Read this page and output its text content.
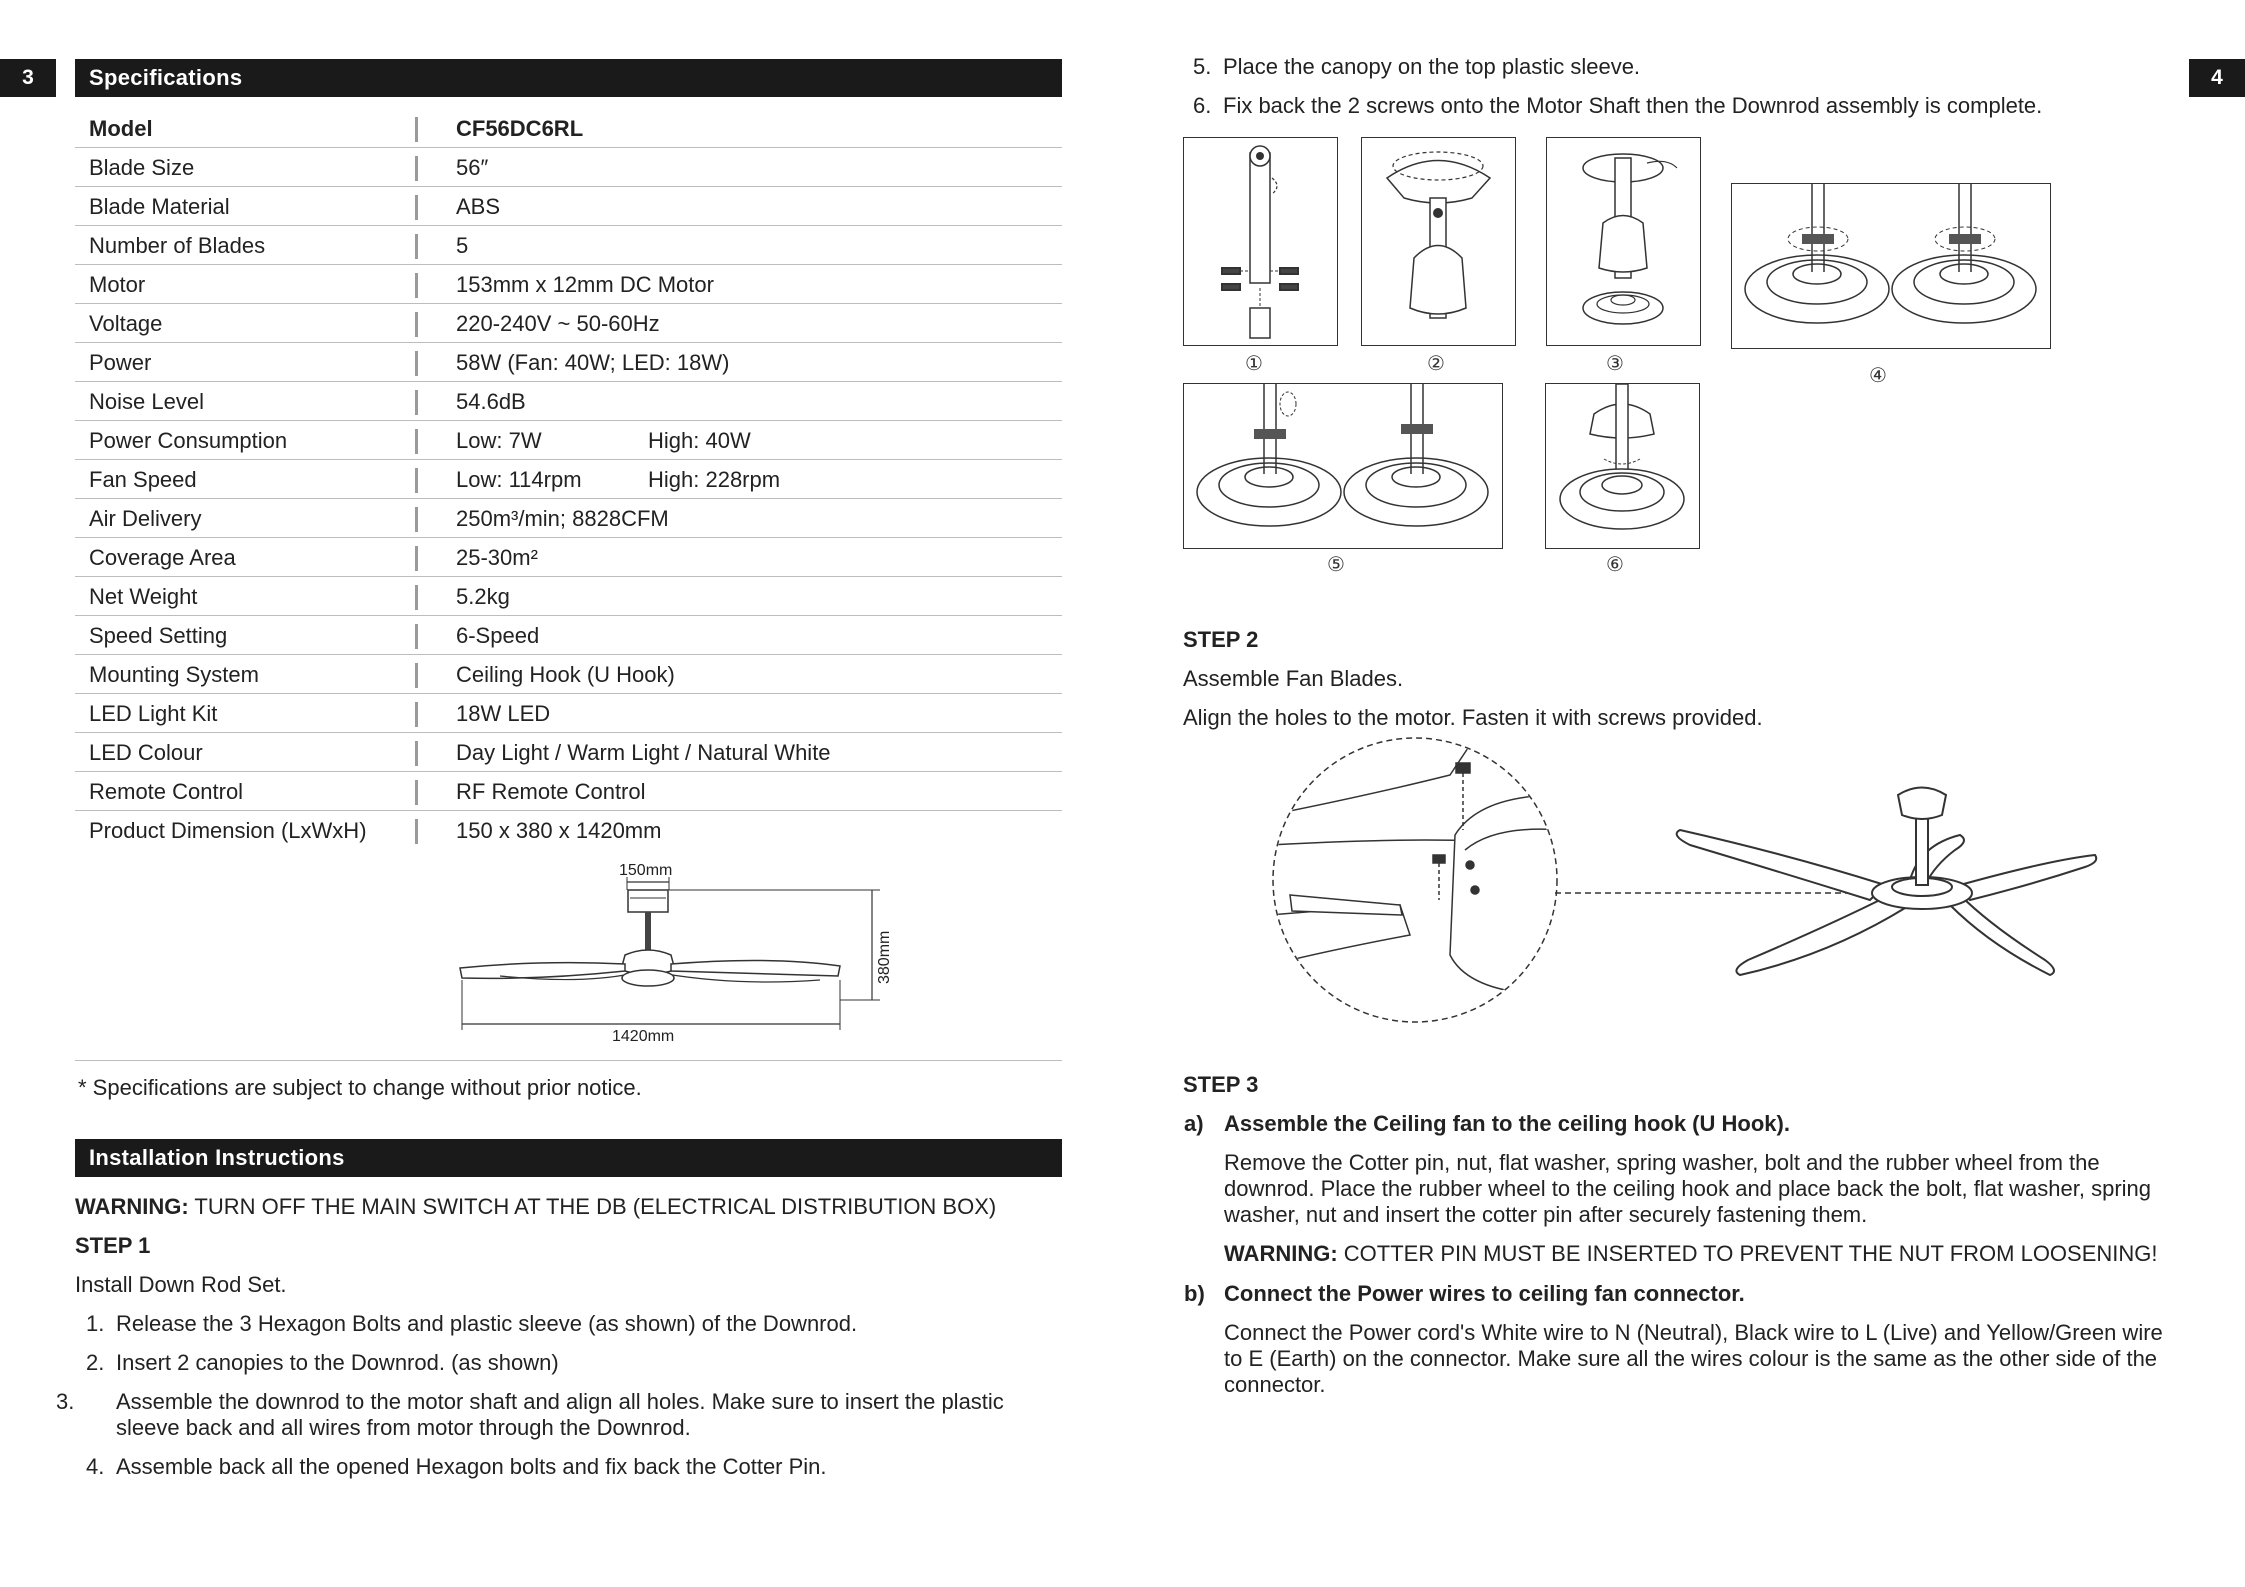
3	Specifications
Model	CF56DC6RL
Blade Size	56″
Blade Material	ABS
Number of Blades	5
Motor	153mm x 12mm DC Motor
Voltage	220-240V ~ 50-60Hz
Power	58W (Fan: 40W; LED: 18W)
Noise Level	54.6dB
Power Consumption	Low: 7W	High: 40W
Fan Speed	Low: 114rpm	High: 228rpm
Air Delivery	250m³/min; 8828CFM
Coverage Area	25-30m²
Net Weight	5.2kg
Speed Setting	6-Speed
Mounting System	Ceiling Hook (U Hook)
LED Light Kit	18W LED
LED Colour	Day Light / Warm Light / Natural White
Remote Control	RF Remote Control
Product Dimension (LxWxH)	150 x 380 x 1420mm
150mm
380mm
1420mm
* Specifications are subject to change without prior notice.
Installation Instructions
WARNING: TURN OFF THE MAIN SWITCH AT THE DB (ELECTRICAL DISTRIBUTION BOX)
STEP 1
Install Down Rod Set.
1. Release the 3 Hexagon Bolts and plastic sleeve (as shown) of the Downrod.
2. Insert 2 canopies to the Downrod. (as shown)
3. Assemble the downrod to the motor shaft and align all holes. Make sure to insert the plastic sleeve back and all wires from motor through the Downrod.
4. Assemble back all the opened Hexagon bolts and fix back the Cotter Pin.
4
5. Place the canopy on the top plastic sleeve.
6. Fix back the 2 screws onto the Motor Shaft then the Downrod assembly is complete.
①	②	③
④
⑤	⑥
STEP 2
Assemble Fan Blades.
Align the holes to the motor. Fasten it with screws provided.
STEP 3
a) Assemble the Ceiling fan to the ceiling hook (U Hook).
Remove the Cotter pin, nut, flat washer, spring washer, bolt and the rubber wheel from the downrod. Place the rubber wheel to the ceiling hook and place back the bolt, flat washer, spring washer, nut and insert the cotter pin after securely fastening them.
WARNING: COTTER PIN MUST BE INSERTED TO PREVENT THE NUT FROM LOOSENING!
b) Connect the Power wires to ceiling fan connector.
Connect the Power cord's White wire to N (Neutral), Black wire to L (Live) and Yellow/Green wire to E (Earth) on the connector. Make sure all the wires colour is the same as the other side of the connector.
